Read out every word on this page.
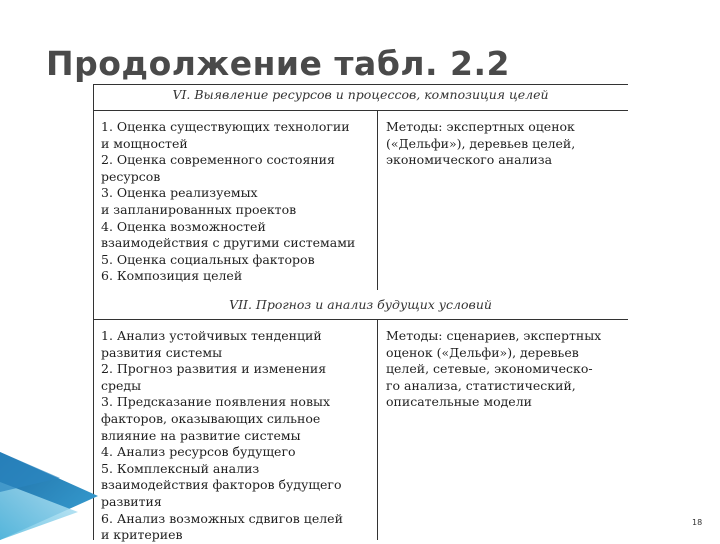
Продолжение табл. 2.2
VI. Выявление ресурсов и процессов, композиция целей
1. Оценка существующих технологии
и мощностей
2. Оценка современного состояния
ресурсов
3. Оценка реализуемых
и запланированных проектов
4. Оценка возможностей
взаимодействия с другими системами
5. Оценка социальных факторов
6. Композиция целей
Методы: экспертных оценок
(«Дельфи»), деревьев целей,
экономического анализа
VII. Прогноз и анализ будущих условий
1. Анализ устойчивых тенденций
развития системы
2. Прогноз развития и изменения
среды
3. Предсказание появления новых
факторов, оказывающих сильное
влияние на развитие системы
4. Анализ ресурсов будущего
5. Комплексный анализ
взаимодействия факторов будущего
развития
6. Анализ возможных сдвигов целей
и критериев
Методы: сценариев, экспертных
оценок («Дельфи»), деревьев
целей, сетевые, экономическо-
го анализа, статистический,
описательные модели
18
